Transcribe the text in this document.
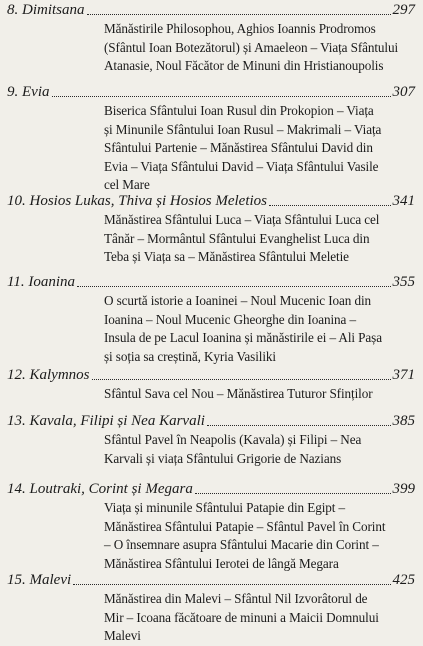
8. Dimitsana	297
Mănăstirile Philosophou, Aghios Ioannis Prodromos
(Sfântul Ioan Botezătorul) și Amaeleon – Viața Sfântului
Atanasie, Noul Făcător de Minuni din Hristianoupolis
9. Evia	307
Biserica Sfântului Ioan Rusul din Prokopion – Viața
și Minunile Sfântului Ioan Rusul – Makrimali – Viața
Sfântului Partenie – Mănăstirea Sfântului David din
Evia – Viața Sfântului David – Viața Sfântului Vasile
cel Mare
10. Hosios Lukas, Thiva și Hosios Meletios	341
Mănăstirea Sfântului Luca – Viața Sfântului Luca cel
Tânăr – Mormântul Sfântului Evanghelist Luca din
Teba și Viața sa – Mănăstirea Sfântului Meletie
11. Ioanina	355
O scurtă istorie a Ioaninei – Noul Mucenic Ioan din
Ioanina – Noul Mucenic Gheorghe din Ioanina –
Insula de pe Lacul Ioanina și mănăstirile ei – Ali Pașa
și soția sa creștină, Kyria Vasiliki
12. Kalymnos	371
Sfântul Sava cel Nou – Mănăstirea Tuturor Sfinților
13. Kavala, Filipi și Nea Karvali	385
Sfântul Pavel în Neapolis (Kavala) și Filipi – Nea
Karvali și viața Sfântului Grigorie de Nazians
14. Loutraki, Corint și Megara	399
Viața și minunile Sfântului Patapie din Egipt –
Mănăstirea Sfântului Patapie – Sfântul Pavel în Corint
– O însemnare asupra Sfântului Macarie din Corint –
Mănăstirea Sfântului Ierotei de lângă Megara
15. Malevi	425
Mănăstirea din Malevi – Sfântul Nil Izvorâtorul de
Mir – Icoana făcătoare de minuni a Maicii Domnului
Malevi
